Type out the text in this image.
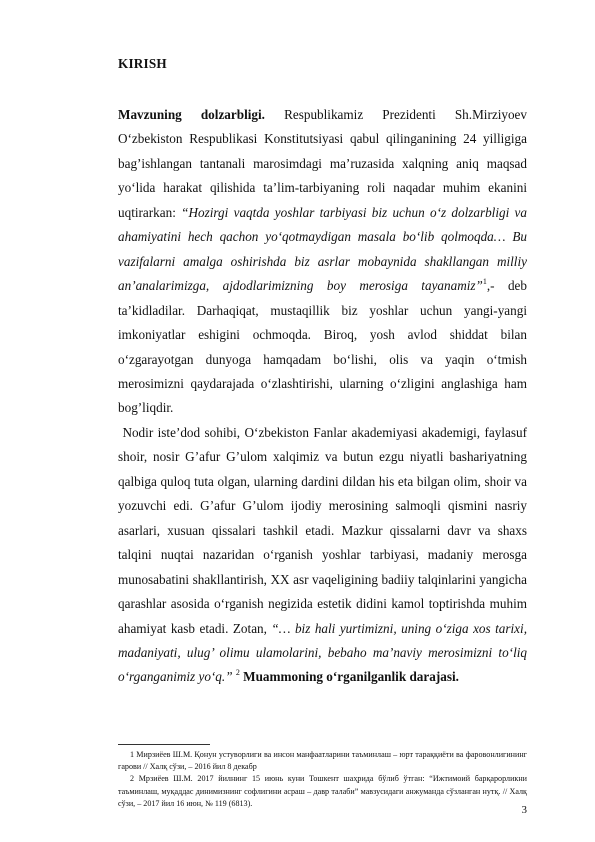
KIRISH

Mavzuning dolzarbligi. Respublikamiz Prezidenti Sh.Mirziyoev O‘zbekiston Respublikasi Konstitutsiyasi qabul qilinganining 24 yilligiga bag’ishlangan tantanali marosimdagi ma’ruzasida xalqning aniq maqsad yo‘lida harakat qilishida ta’lim-tarbiyaning roli naqadar muhim ekanini uqtirarkan: “Hozirgi vaqtda yoshlar tarbiyasi biz uchun o‘z dolzarbligi va ahamiyatini hech qachon yo‘qotmaydigan masala bo‘lib qolmoqda… Bu vazifalarni amalga oshirishda biz asrlar mobaynida shakllangan milliy an’analarimizga, ajdodlarimizning boy merosiga tayanamiz”$^1$,- deb ta’kidladilar. Darhaqiqat, mustaqillik biz yoshlar uchun yangi-yangi imkoniyatlar eshigini ochmoqda. Biroq, yosh avlod shiddat bilan o‘zgarayotgan dunyoga hamqadam bo‘lishi, olis va yaqin o‘tmish merosimizni qaydarajada o‘zlashtirishi, ularning o‘zligini anglashiga ham bog’liqdir.

Nodir iste’dod sohibi, O‘zbekiston Fanlar akademiyasi akademigi, faylasuf shoir, nosir G’afur G’ulom xalqimiz va butun ezgu niyatli bashariyatning qalbiga quloq tuta olgan, ularning dardini dildan his eta bilgan olim, shoir va yozuvchi edi. G’afur G’ulom ijodiy merosining salmoqli qismini nasriy asarlari, xusuan qissalari tashkil etadi. Mazkur qissalarni davr va shaxs talqini nuqtai nazaridan o‘rganish yoshlar tarbiyasi, madaniy merosga munosabatini shakllantirish, XX asr vaqeligining badiiy talqinlarini yangicha qarashlar asosida o‘rganish negizida estetik didini kamol toptirishda muhim ahamiyat kasb etadi. Zotan, “… biz hali yurtimizni, uning o‘ziga xos tarixi, madaniyati, ulug’ olimu ulamolarini, bebaho ma’naviy merosimizni to‘liq o‘rganganimiz yo‘q.” $^2$ Muammoning o‘rganilganlik darajasi.

1 Мирзиёев Ш.М. Қонун устуворлиги ва инсон манфаатларини таъминлаш – юрт тараққиёти ва фаровонлигининг гарови // Халқ сўзи, – 2016 йил 8 декабр

2 Мрзиёев Ш.М. 2017 йилнинг 15 июнь куни Тошкент шаҳрида бўлиб ўтган: “Ижтимоий барқарорликни таъминлаш, муқаддас динимизнинг софлигини асраш – давр талаби” мавзусидаги анжуманда сўзланган нутқ. // Халқ сўзи, – 2017 йил 16 июн, № 119 (6813).

3
